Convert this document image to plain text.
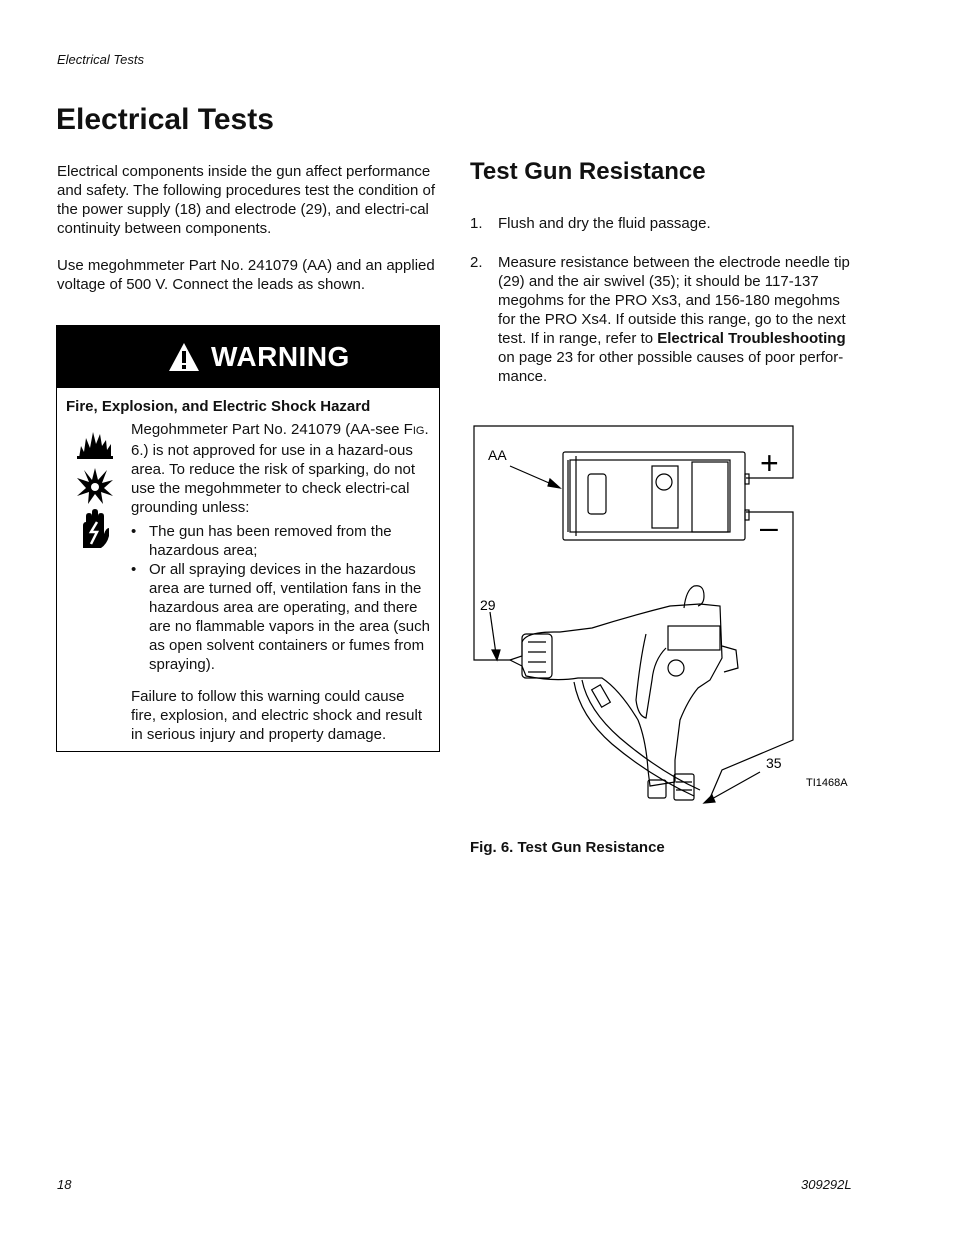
Electrical Tests
Electrical Tests
Electrical components inside the gun affect performance and safety. The following procedures test the condition of the power supply (18) and electrode (29), and electri-cal continuity between components.
Use megohmmeter Part No. 241079 (AA) and an applied voltage of 500 V. Connect the leads as shown.
WARNING
Fire, Explosion, and Electric Shock Hazard
Megohmmeter Part No. 241079 (AA-see FIG. 6.) is not approved for use in a hazard-ous area. To reduce the risk of sparking, do not use the megohmmeter to check electri-cal grounding unless:
• The gun has been removed from the hazardous area;
• Or all spraying devices in the hazardous area are turned off, ventilation fans in the hazardous area are operating, and there are no flammable vapors in the area (such as open solvent containers or fumes from spraying).
Failure to follow this warning could cause fire, explosion, and electric shock and result in serious injury and property damage.
Test Gun Resistance
1. Flush and dry the fluid passage.
2. Measure resistance between the electrode needle tip (29) and the air swivel (35); it should be 117-137 megohms for the PRO Xs3, and 156-180 megohms for the PRO Xs4. If outside this range, go to the next test. If in range, refer to Electrical Troubleshooting on page 23 for other possible causes of poor perfor-mance.
AA
29
35
+
–
TI1468A
Fig. 6. Test Gun Resistance
18	309292L
